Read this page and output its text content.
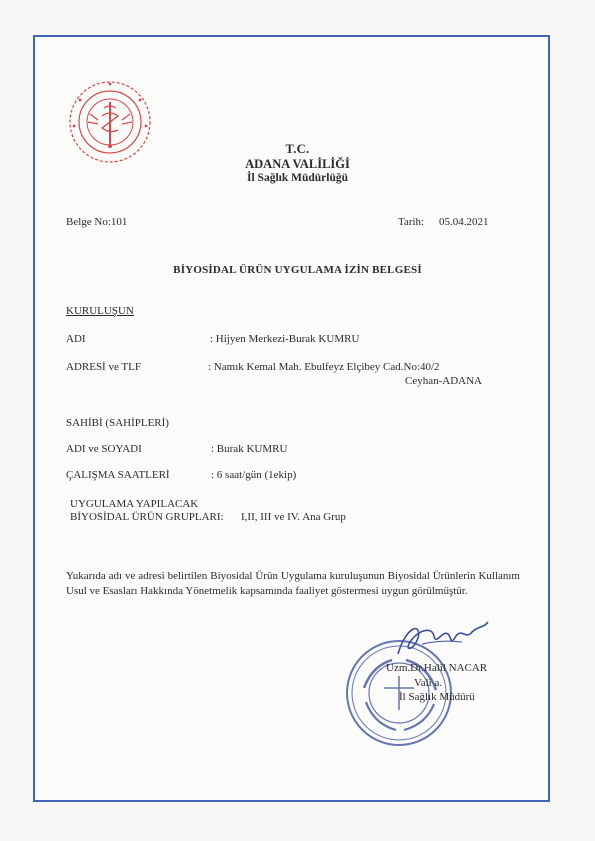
T.C.
ADANA VALİLİĞİ
İl Sağlık Müdürlüğü
Belge No:101	Tarih: 05.04.2021
BİYOSİDAL ÜRÜN UYGULAMA İZİN BELGESİ
KURULUŞUN
ADI	: Hijyen Merkezi-Burak KUMRU
ADRESİ ve TLF	: Namık Kemal Mah. Ebulfeyz Elçibey Cad.No:40/2
Ceyhan-ADANA
SAHİBİ (SAHİPLERİ)
ADI ve SOYADI	: Burak KUMRU
ÇALIŞMA SAATLERİ	: 6 saat/gün (1ekip)
UYGULAMA YAPILACAK
BİYOSİDAL ÜRÜN GRUPLARI: I,II, III ve IV. Ana Grup
Yukarıda adı ve adresi belirtilen Biyosidal Ürün Uygulama kuruluşunun Biyosidal Ürünlerin Kullanım Usul ve Esasları Hakkında Yönetmelik kapsamında faaliyet göstermesi uygun görülmüştür.
Uzm.Dr.Halil NACAR
Vali a.
İl Sağlık Müdürü
